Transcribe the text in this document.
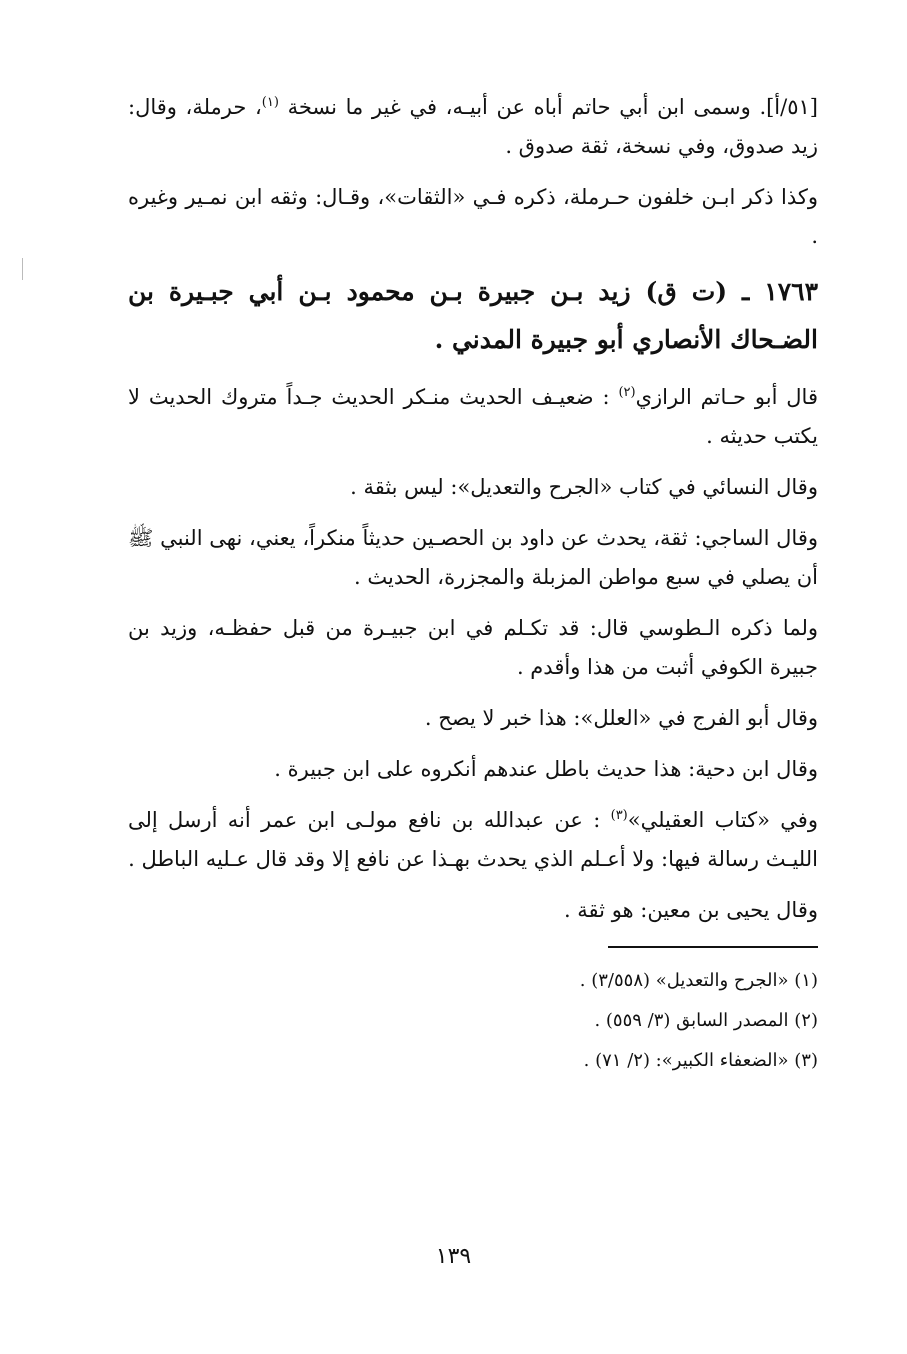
[٥١/أ]. وسمى ابن أبي حاتم أباه عن أبيـه، في غير ما نسخة $^{(١)}$، حرملة، وقال: زيد صدوق، وفي نسخة، ثقة صدوق .

وكذا ذكر ابـن خلفون حـرملة، ذكره فـي «الثقات»، وقـال: وثقه ابن نمـير وغيره .

١٧٦٣ ـ (ت ق) زيد بـن جبيرة بـن محمود بـن أبي جبـيرة بن الضـحاك الأنصاري أبو جبيرة المدني .

قال أبو حـاتم الرازي$^{(٢)}$ : ضعيـف الحديث منـكر الحديث جـداً متروك الحديث لا يكتب حديثه .

وقال النسائي في كتاب «الجرح والتعديل»: ليس بثقة .

وقال الساجي: ثقة، يحدث عن داود بن الحصـين حديثاً منكراً، يعني، نهى النبي ﷺ أن يصلي في سبع مواطن المزبلة والمجزرة، الحديث .

ولما ذكره الـطوسي قال: قد تكـلم في ابن جبيـرة من قبل حفظـه، وزيد بن جبيرة الكوفي أثبت من هذا وأقدم .

وقال أبو الفرج في «العلل»: هذا خبر لا يصح .

وقال ابن دحية: هذا حديث باطل عندهم أنكروه على ابن جبيرة .

وفي «كتاب العقيلي»$^{(٣)}$ : عن عبدالله بن نافع مولـى ابن عمر أنه أرسل إلى الليـث رسالة فيها: ولا أعـلم الذي يحدث بهـذا عن نافع إلا وقد قال عـليه الباطل .

وقال يحيى بن معين: هو ثقة .

(١) «الجرح والتعديل» (٣/٥٥٨) .

(٢) المصدر السابق (٣/ ٥٥٩) .

(٣) «الضعفاء الكبير»: (٢/ ٧١) .

١٣٩
